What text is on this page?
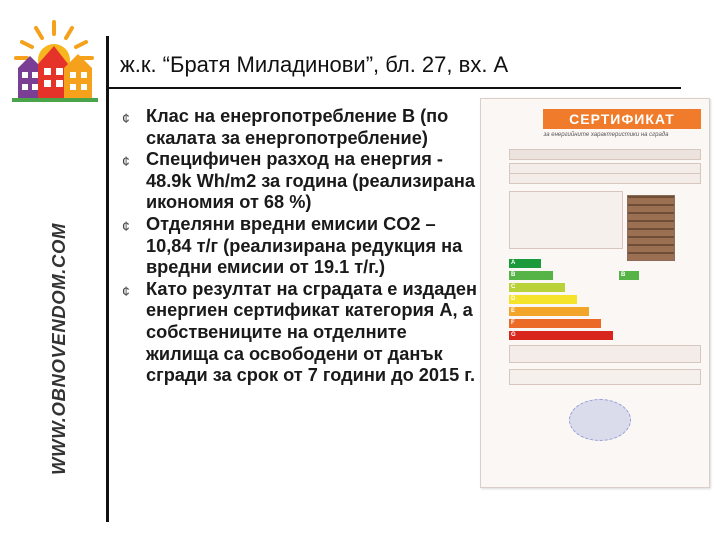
WWW.OBNOVENDOM.COM
ж.к. “Братя Миладинови”, бл. 27, вх. А
¢ Клас на енергопотребление В (по скалата за енергопотребление)
¢ Специфичен разход на енергия - 48.9k Wh/m2 за година (реализирана икономия от 68 %)
¢ Отделяни вредни емисии CO2 – 10,84 т/г (реализирана редукция на вредни емисии от 19.1 т/г.)
¢ Като резултат на сградата е издаден енергиен сертификат категория А, а собствениците на отделните жилища са освободени от данък сгради за срок от 7 години до 2015 г.
СЕРТИФИКАТ
за енергийните характеристики на сграда
A
B
C
D
E
F
G
B
